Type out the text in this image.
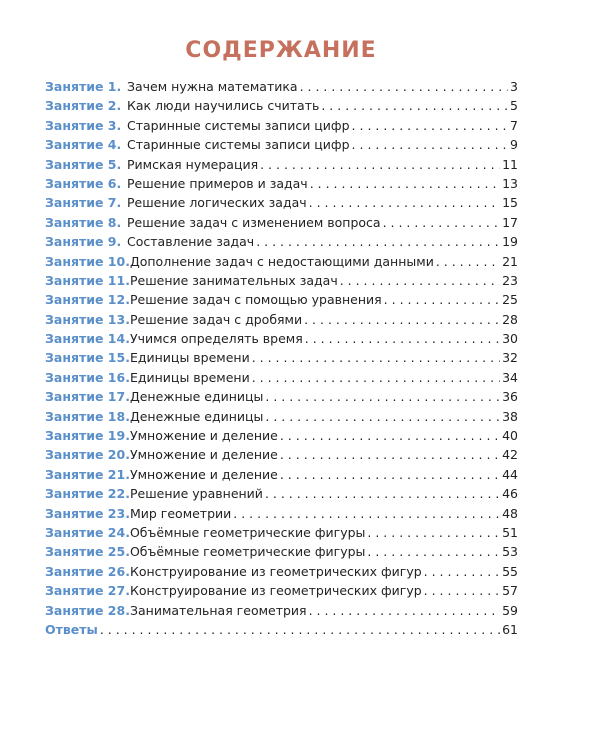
СОДЕРЖАНИЕ
Занятие 1. Зачем нужна математика . . .	3
Занятие 2. Как люди научились считать . . .	5
Занятие 3. Старинные системы записи цифр . . .	7
Занятие 4. Старинные системы записи цифр . . .	9
Занятие 5. Римская нумерация . . .	11
Занятие 6. Решение примеров и задач . . .	13
Занятие 7. Решение логических задач . . .	15
Занятие 8. Решение задач с изменением вопроса . . .	17
Занятие 9. Составление задач . . .	19
Занятие 10. Дополнение задач с недостающими данными . . .	21
Занятие 11. Решение занимательных задач . . .	23
Занятие 12. Решение задач с помощью уравнения . . .	25
Занятие 13. Решение задач с дробями . . .	28
Занятие 14. Учимся определять время . . .	30
Занятие 15. Единицы времени . . .	32
Занятие 16. Единицы времени . . .	34
Занятие 17. Денежные единицы . . .	36
Занятие 18. Денежные единицы . . .	38
Занятие 19. Умножение и деление . . .	40
Занятие 20. Умножение и деление . . .	42
Занятие 21. Умножение и деление . . .	44
Занятие 22. Решение уравнений . . .	46
Занятие 23. Мир геометрии . . .	48
Занятие 24. Объёмные геометрические фигуры . . .	51
Занятие 25. Объёмные геометрические фигуры . . .	53
Занятие 26. Конструирование из геометрических фигур . . .	55
Занятие 27. Конструирование из геометрических фигур . . .	57
Занятие 28. Занимательная геометрия . . .	59
Ответы . . .	61
